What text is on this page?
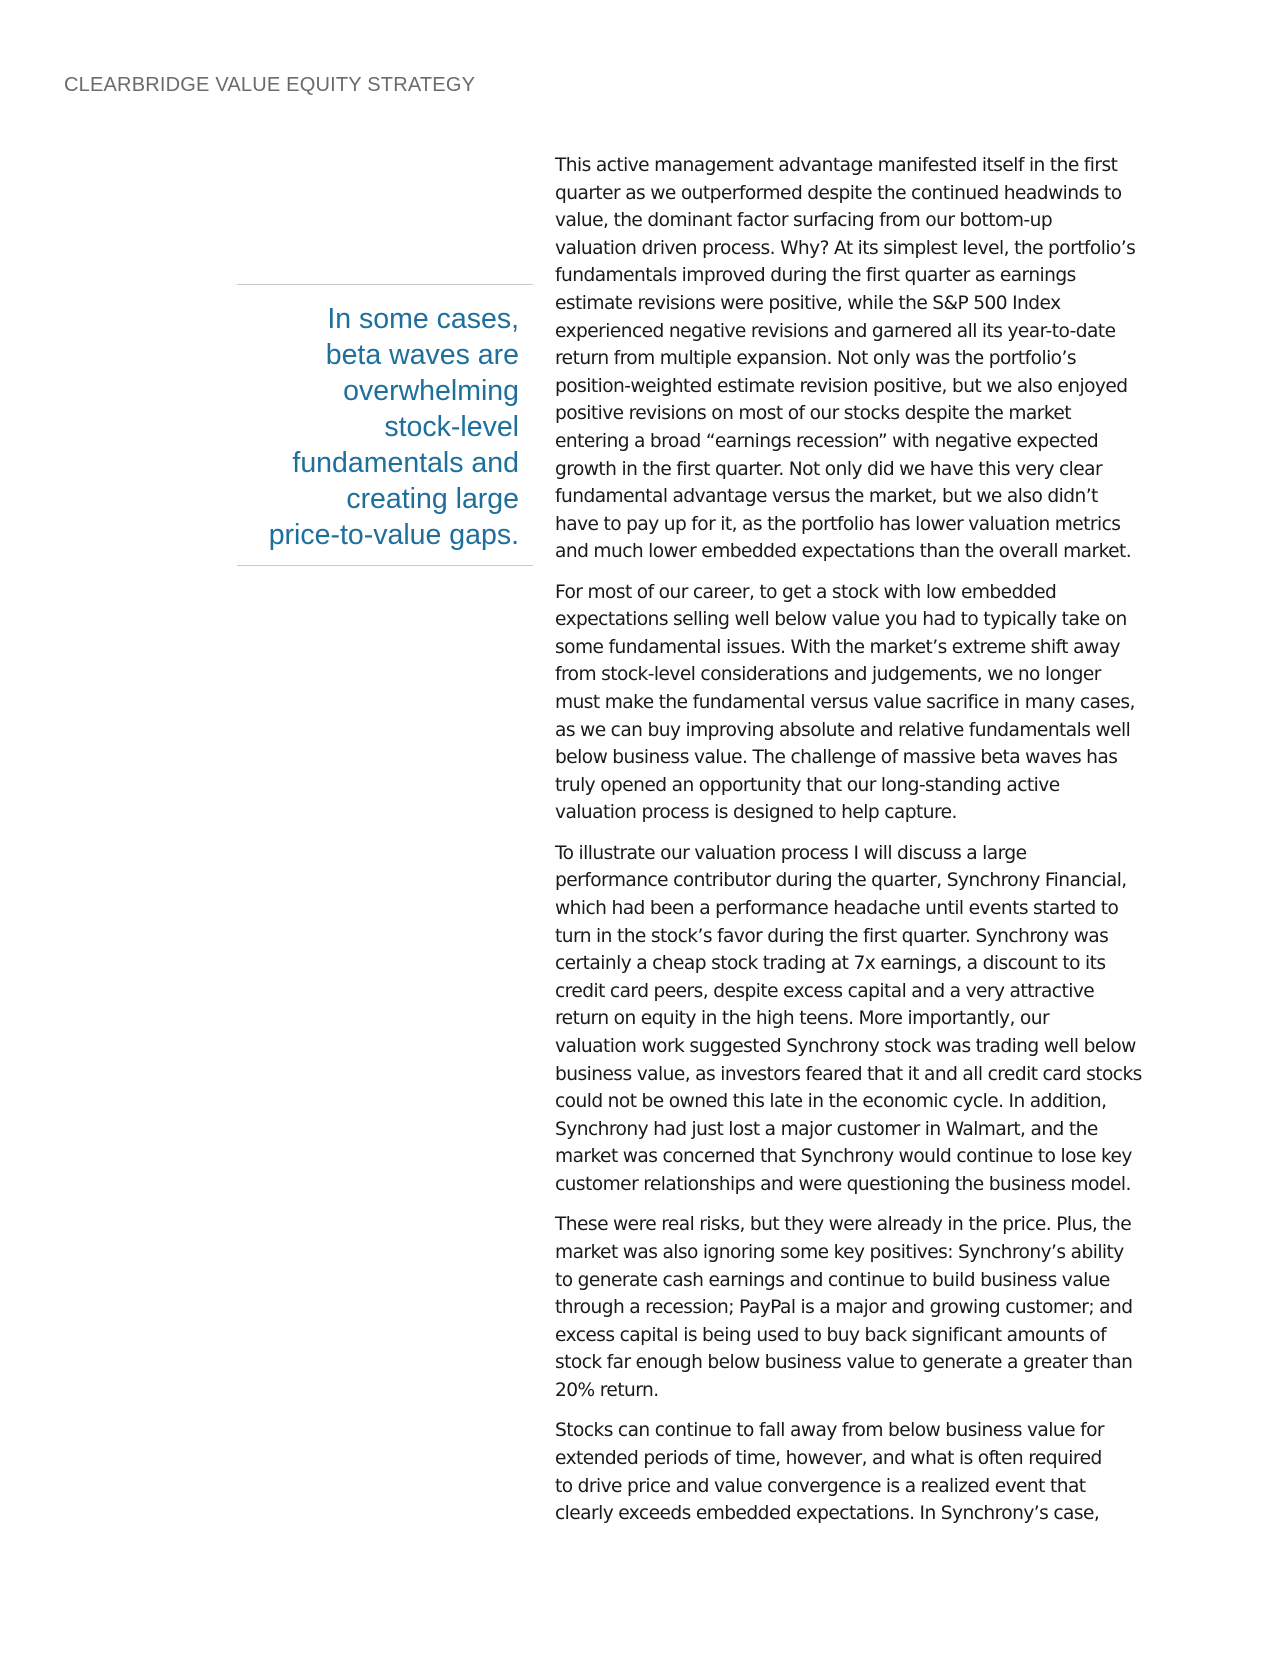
CLEARBRIDGE VALUE EQUITY STRATEGY
In some cases,
beta waves are
overwhelming
stock-level
fundamentals and
creating large
price-to-value gaps.

This active management advantage manifested itself in the first
quarter as we outperformed despite the continued headwinds to
value, the dominant factor surfacing from our bottom-up
valuation driven process. Why? At its simplest level, the portfolio’s
fundamentals improved during the first quarter as earnings
estimate revisions were positive, while the S&P 500 Index
experienced negative revisions and garnered all its year-to-date
return from multiple expansion. Not only was the portfolio’s
position-weighted estimate revision positive, but we also enjoyed
positive revisions on most of our stocks despite the market
entering a broad “earnings recession” with negative expected
growth in the first quarter. Not only did we have this very clear
fundamental advantage versus the market, but we also didn’t
have to pay up for it, as the portfolio has lower valuation metrics
and much lower embedded expectations than the overall market.

For most of our career, to get a stock with low embedded
expectations selling well below value you had to typically take on
some fundamental issues. With the market’s extreme shift away
from stock-level considerations and judgements, we no longer
must make the fundamental versus value sacrifice in many cases,
as we can buy improving absolute and relative fundamentals well
below business value. The challenge of massive beta waves has
truly opened an opportunity that our long-standing active
valuation process is designed to help capture.

To illustrate our valuation process I will discuss a large
performance contributor during the quarter, Synchrony Financial,
which had been a performance headache until events started to
turn in the stock’s favor during the first quarter. Synchrony was
certainly a cheap stock trading at 7x earnings, a discount to its
credit card peers, despite excess capital and a very attractive
return on equity in the high teens. More importantly, our
valuation work suggested Synchrony stock was trading well below
business value, as investors feared that it and all credit card stocks
could not be owned this late in the economic cycle. In addition,
Synchrony had just lost a major customer in Walmart, and the
market was concerned that Synchrony would continue to lose key
customer relationships and were questioning the business model.

These were real risks, but they were already in the price. Plus, the
market was also ignoring some key positives: Synchrony’s ability
to generate cash earnings and continue to build business value
through a recession; PayPal is a major and growing customer; and
excess capital is being used to buy back significant amounts of
stock far enough below business value to generate a greater than
20% return.

Stocks can continue to fall away from below business value for
extended periods of time, however, and what is often required
to drive price and value convergence is a realized event that
clearly exceeds embedded expectations. In Synchrony’s case,
